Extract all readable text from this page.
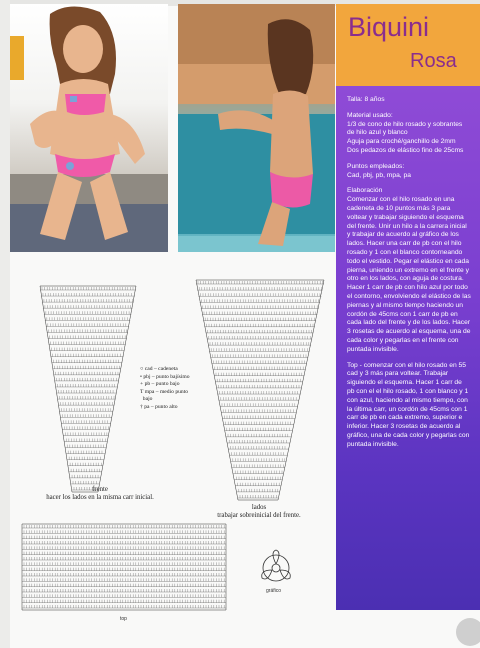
Biquini
Rosa

Talla: 8 años

Material usado:
1/3 de cono de hilo rosado y sobrantes de hilo azul y blanco
Aguja para croché/ganchillo de 2mm
Dos pedazos de elástico fino de 25cms
Puntos empleados:
Cad, pbj, pb, mpa, pa
Elaboración
Comenzar con el hilo rosado en una cadeneta de 10 puntos más 3 para voltear y trabajar siguiendo el esquema del frente. Unir un hilo a la carrera inicial y trabajar de acuerdo al gráfico de los lados. Hacer una carr de pb con el hilo rosado y 1 con el blanco contorneando todo el vestido. Pegar el elástico en cada pierna, uniendo un extremo en el frente y otro en los lados, con aguja de costura. Hacer 1 carr de pb con hilo azul por todo el contorno, envolviendo el elástico de las piernas y al mismo tiempo haciendo un cordón de 45cms con 1 carr de pb en cada lado del frente y de los lados. Hacer 3 rosetas de acuerdo al esquema, una de cada color y pegarlas en el frente con puntada invisible.
Top - comenzar con el hilo rosado en 55 cad y 3 más para voltear. Trabajar siguiendo el esquema. Hacer 1 carr de pb con el el hilo rosado, 1 con blanco y 1 con azul, haciendo al mismo tiempo, con la última carr, un cordón de 45cms con 1 carr de pb en cada extremo, superior e inferior. Hacer 3 rosetas de acuerdo al gráfico, una de cada color y pegarlas con puntada invisible.
○ cad – cadeneta
• pbj – punto bajísimo
+ pb – punto bajo
T mpa – medio punto
bajo
† pa – punto alto
frente
hacer los lados en la misma carr inicial.
lados
trabajar sobreinicial del frente.
top
gráfico
